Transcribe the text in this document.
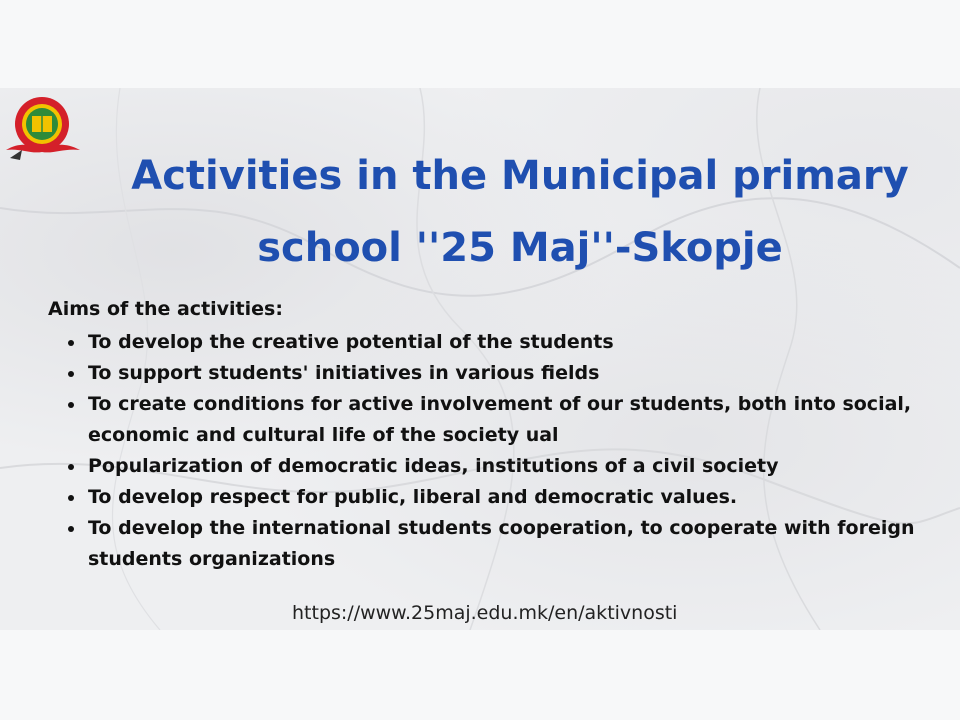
Activities in the Municipal primary school ''25 Maj''-Skopje

Aims of the activities:

To develop the creative potential of the students
To support students' initiatives in various fields
To create conditions for active involvement of our students, both into social,
economic and cultural life of the society ual
Popularization of democratic ideas, institutions of a civil society
To develop respect for public, liberal and democratic values.
To develop the international students cooperation, to cooperate with foreign
students organizations

https://www.25maj.edu.mk/en/aktivnosti
